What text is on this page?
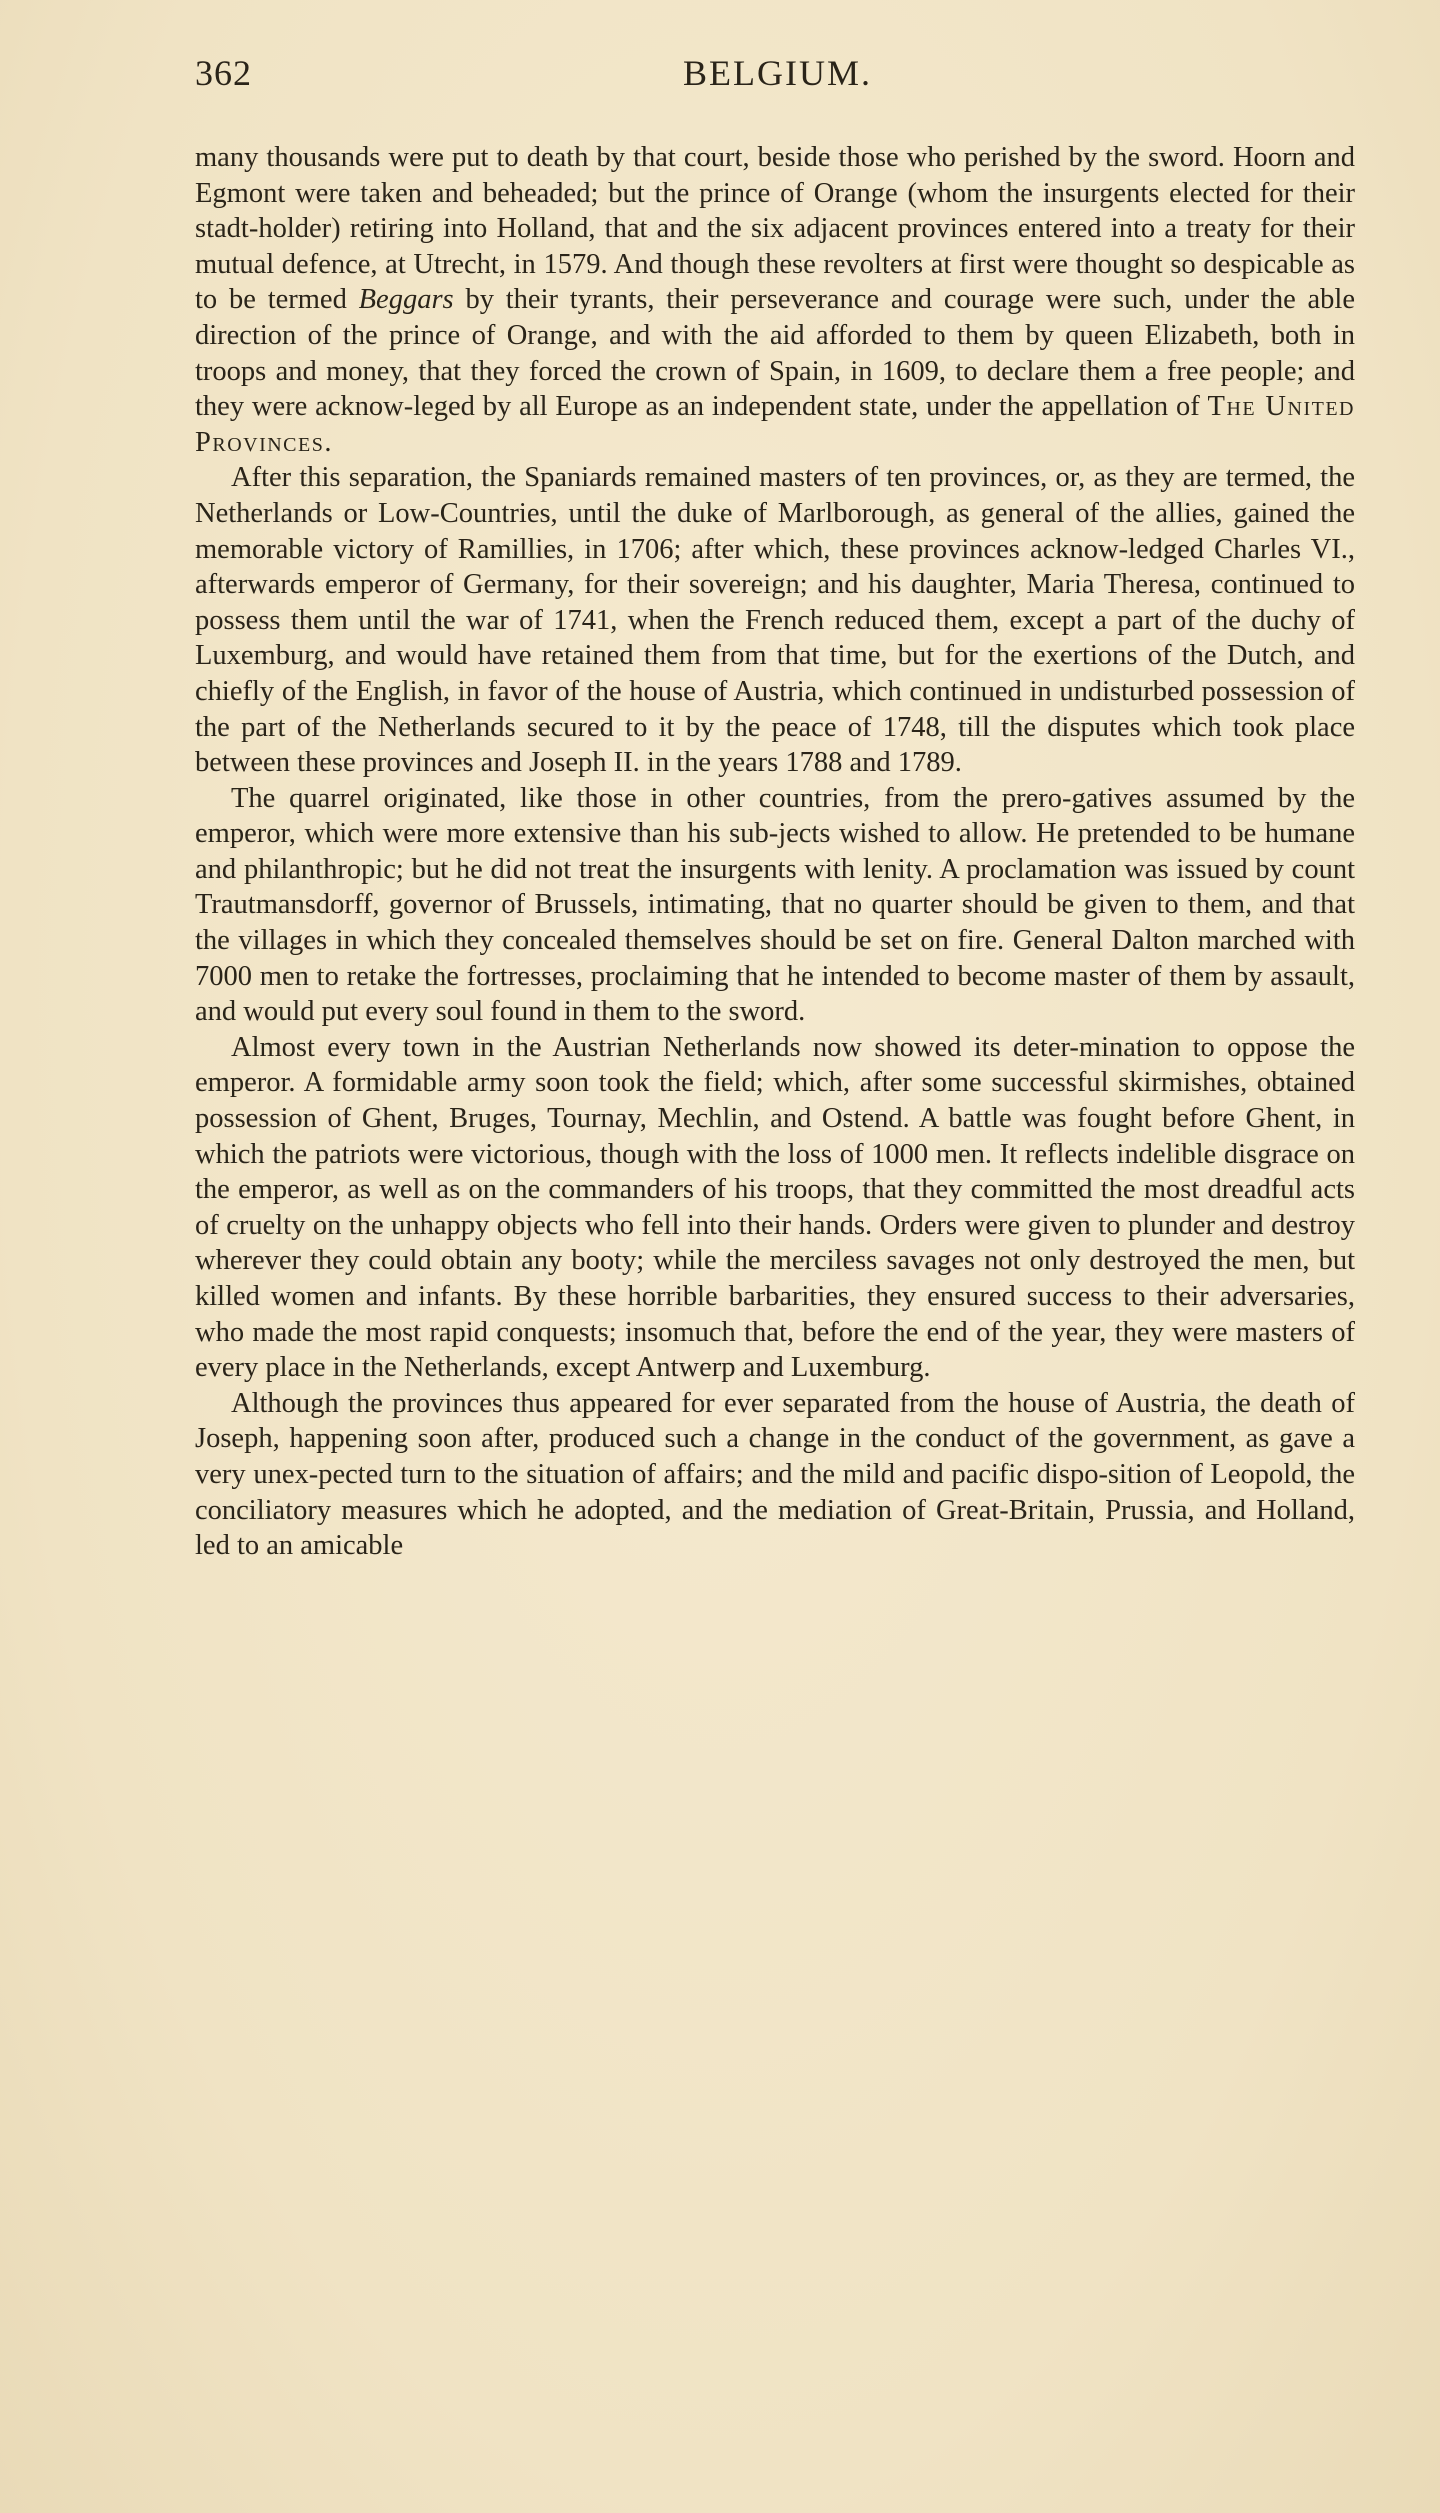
362	BELGIUM.

many thousands were put to death by that court, beside those who perished by the sword. Hoorn and Egmont were taken and beheaded; but the prince of Orange (whom the insurgents elected for their stadt-holder) retiring into Holland, that and the six adjacent provinces entered into a treaty for their mutual defence, at Utrecht, in 1579. And though these revolters at first were thought so despicable as to be termed Beggars by their tyrants, their perseverance and courage were such, under the able direction of the prince of Orange, and with the aid afforded to them by queen Elizabeth, both in troops and money, that they forced the crown of Spain, in 1609, to declare them a free people; and they were acknow-leged by all Europe as an independent state, under the appellation of The United Provinces.

After this separation, the Spaniards remained masters of ten provinces, or, as they are termed, the Netherlands or Low-Countries, until the duke of Marlborough, as general of the allies, gained the memorable victory of Ramillies, in 1706; after which, these provinces acknow-ledged Charles VI., afterwards emperor of Germany, for their sovereign; and his daughter, Maria Theresa, continued to possess them until the war of 1741, when the French reduced them, except a part of the duchy of Luxemburg, and would have retained them from that time, but for the exertions of the Dutch, and chiefly of the English, in favor of the house of Austria, which continued in undisturbed possession of the part of the Netherlands secured to it by the peace of 1748, till the disputes which took place between these provinces and Joseph II. in the years 1788 and 1789.

The quarrel originated, like those in other countries, from the prero-gatives assumed by the emperor, which were more extensive than his sub-jects wished to allow. He pretended to be humane and philanthropic; but he did not treat the insurgents with lenity. A proclamation was issued by count Trautmansdorff, governor of Brussels, intimating, that no quarter should be given to them, and that the villages in which they concealed themselves should be set on fire. General Dalton marched with 7000 men to retake the fortresses, proclaiming that he intended to become master of them by assault, and would put every soul found in them to the sword.

Almost every town in the Austrian Netherlands now showed its deter-mination to oppose the emperor. A formidable army soon took the field; which, after some successful skirmishes, obtained possession of Ghent, Bruges, Tournay, Mechlin, and Ostend. A battle was fought before Ghent, in which the patriots were victorious, though with the loss of 1000 men. It reflects indelible disgrace on the emperor, as well as on the commanders of his troops, that they committed the most dreadful acts of cruelty on the unhappy objects who fell into their hands. Orders were given to plunder and destroy wherever they could obtain any booty; while the merciless savages not only destroyed the men, but killed women and infants. By these horrible barbarities, they ensured success to their adversaries, who made the most rapid conquests; insomuch that, before the end of the year, they were masters of every place in the Netherlands, except Antwerp and Luxemburg.

Although the provinces thus appeared for ever separated from the house of Austria, the death of Joseph, happening soon after, produced such a change in the conduct of the government, as gave a very unex-pected turn to the situation of affairs; and the mild and pacific dispo-sition of Leopold, the conciliatory measures which he adopted, and the mediation of Great-Britain, Prussia, and Holland, led to an amicable
